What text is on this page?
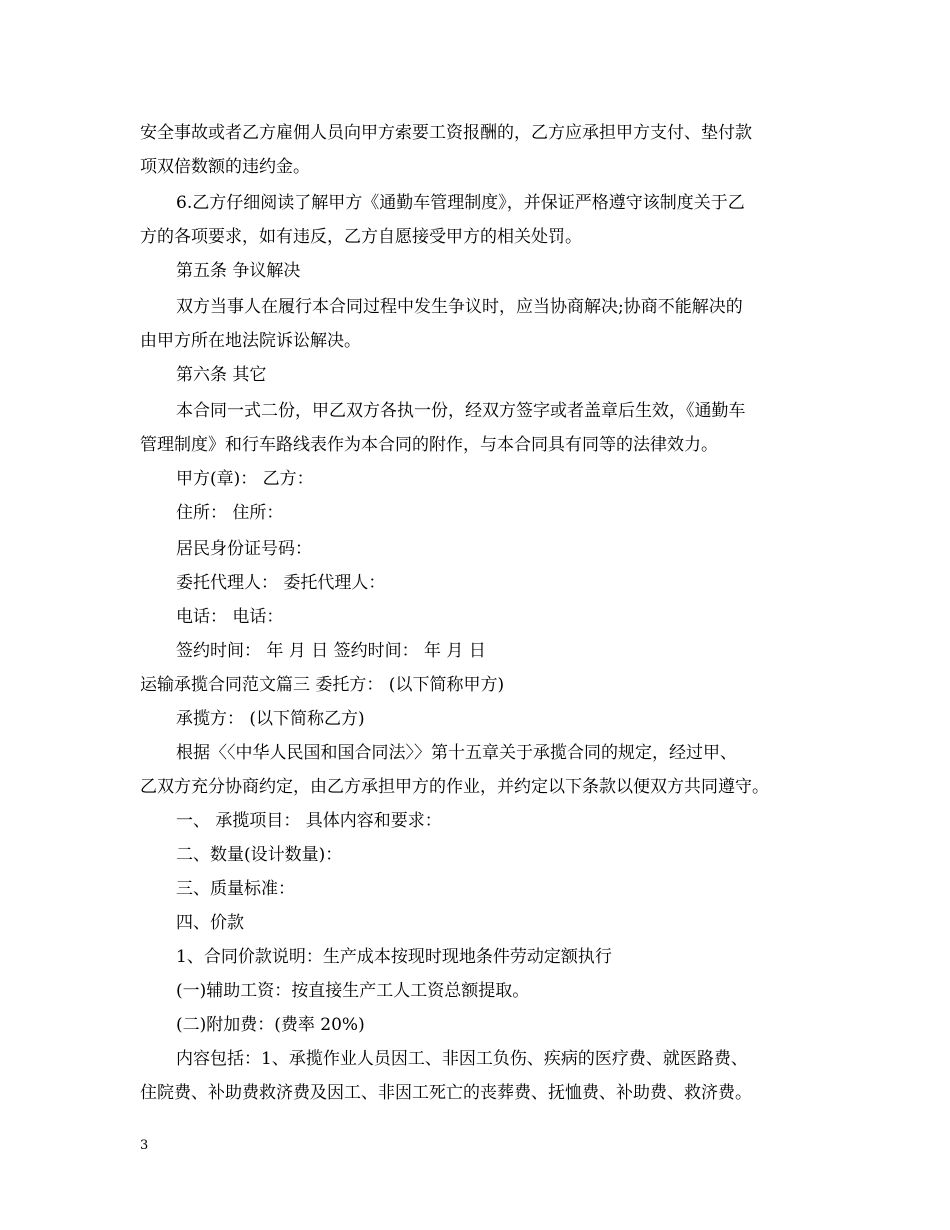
安全事故或者乙方雇佣人员向甲方索要工资报酬的，乙方应承担甲方支付、垫付款
项双倍数额的违约金。
6.乙方仔细阅读了解甲方《通勤车管理制度》，并保证严格遵守该制度关于乙
方的各项要求，如有违反，乙方自愿接受甲方的相关处罚。
第五条 争议解决
双方当事人在履行本合同过程中发生争议时，应当协商解决;协商不能解决的
由甲方所在地法院诉讼解决。
第六条 其它
本合同一式二份，甲乙双方各执一份，经双方签字或者盖章后生效，《通勤车
管理制度》和行车路线表作为本合同的附作，与本合同具有同等的法律效力。
甲方(章)： 乙方：
住所： 住所：
居民身份证号码：
委托代理人： 委托代理人：
电话： 电话：
签约时间： 年 月 日 签约时间： 年 月 日
运输承揽合同范文篇三 委托方： (以下简称甲方)
承揽方： (以下简称乙方)
根据〈〈中华人民国和国合同法〉〉第十五章关于承揽合同的规定，经过甲、
乙双方充分协商约定，由乙方承担甲方的作业，并约定以下条款以便双方共同遵守。
一、 承揽项目： 具体内容和要求：
二、数量(设计数量)：
三、质量标准：
四、价款
1、合同价款说明：生产成本按现时现地条件劳动定额执行
(一)辅助工资：按直接生产工人工资总额提取。
(二)附加费：(费率 20%)
内容包括：1、承揽作业人员因工、非因工负伤、疾病的医疗费、就医路费、
住院费、补助费救济费及因工、非因工死亡的丧葬费、抚恤费、补助费、救济费。
3
